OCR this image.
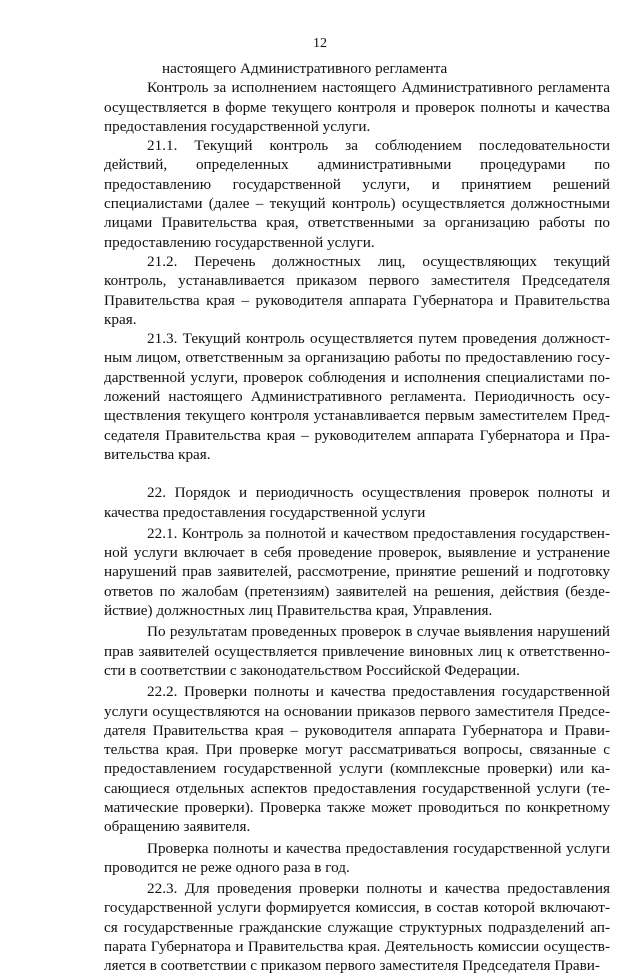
12

настоящего Административного регламента

Контроль за исполнением настоящего Административного регламента осуществляется в форме текущего контроля и проверок полноты и качества предоставления государственной услуги.

21.1. Текущий контроль за соблюдением последовательности действий, определенных административными процедурами по предоставлению государственной услуги, и принятием решений специалистами (далее – текущий контроль) осуществляется должностными лицами Правительства края, ответственными за организацию работы по предоставлению государственной услуги.

21.2. Перечень должностных лиц, осуществляющих текущий контроль, устанавливается приказом первого заместителя Председателя Правительства края – руководителя аппарата Губернатора и Правительства края.

21.3. Текущий контроль осуществляется путем проведения должностным лицом, ответственным за организацию работы по предоставлению государственной услуги, проверок соблюдения и исполнения специалистами положений настоящего Административного регламента. Периодичность осуществления текущего контроля устанавливается первым заместителем Председателя Правительства края – руководителем аппарата Губернатора и Правительства края.

22. Порядок и периодичность осуществления проверок полноты и качества предоставления государственной услуги

22.1. Контроль за полнотой и качеством предоставления государственной услуги включает в себя проведение проверок, выявление и устранение нарушений прав заявителей, рассмотрение, принятие решений и подготовку ответов по жалобам (претензиям) заявителей на решения, действия (бездействие) должностных лиц Правительства края, Управления.

По результатам проведенных проверок в случае выявления нарушений прав заявителей осуществляется привлечение виновных лиц к ответственности в соответствии с законодательством Российской Федерации.

22.2. Проверки полноты и качества предоставления государственной услуги осуществляются на основании приказов первого заместителя Председателя Правительства края – руководителя аппарата Губернатора и Правительства края. При проверке могут рассматриваться вопросы, связанные с предоставлением государственной услуги (комплексные проверки) или касающиеся отдельных аспектов предоставления государственной услуги (тематические проверки). Проверка также может проводиться по конкретному обращению заявителя.

Проверка полноты и качества предоставления государственной услуги проводится не реже одного раза в год.

22.3. Для проведения проверки полноты и качества предоставления государственной услуги формируется комиссия, в состав которой включаются государственные гражданские служащие структурных подразделений аппарата Губернатора и Правительства края. Деятельность комиссии осуществляется в соответствии с приказом первого заместителя Председателя Прави-
